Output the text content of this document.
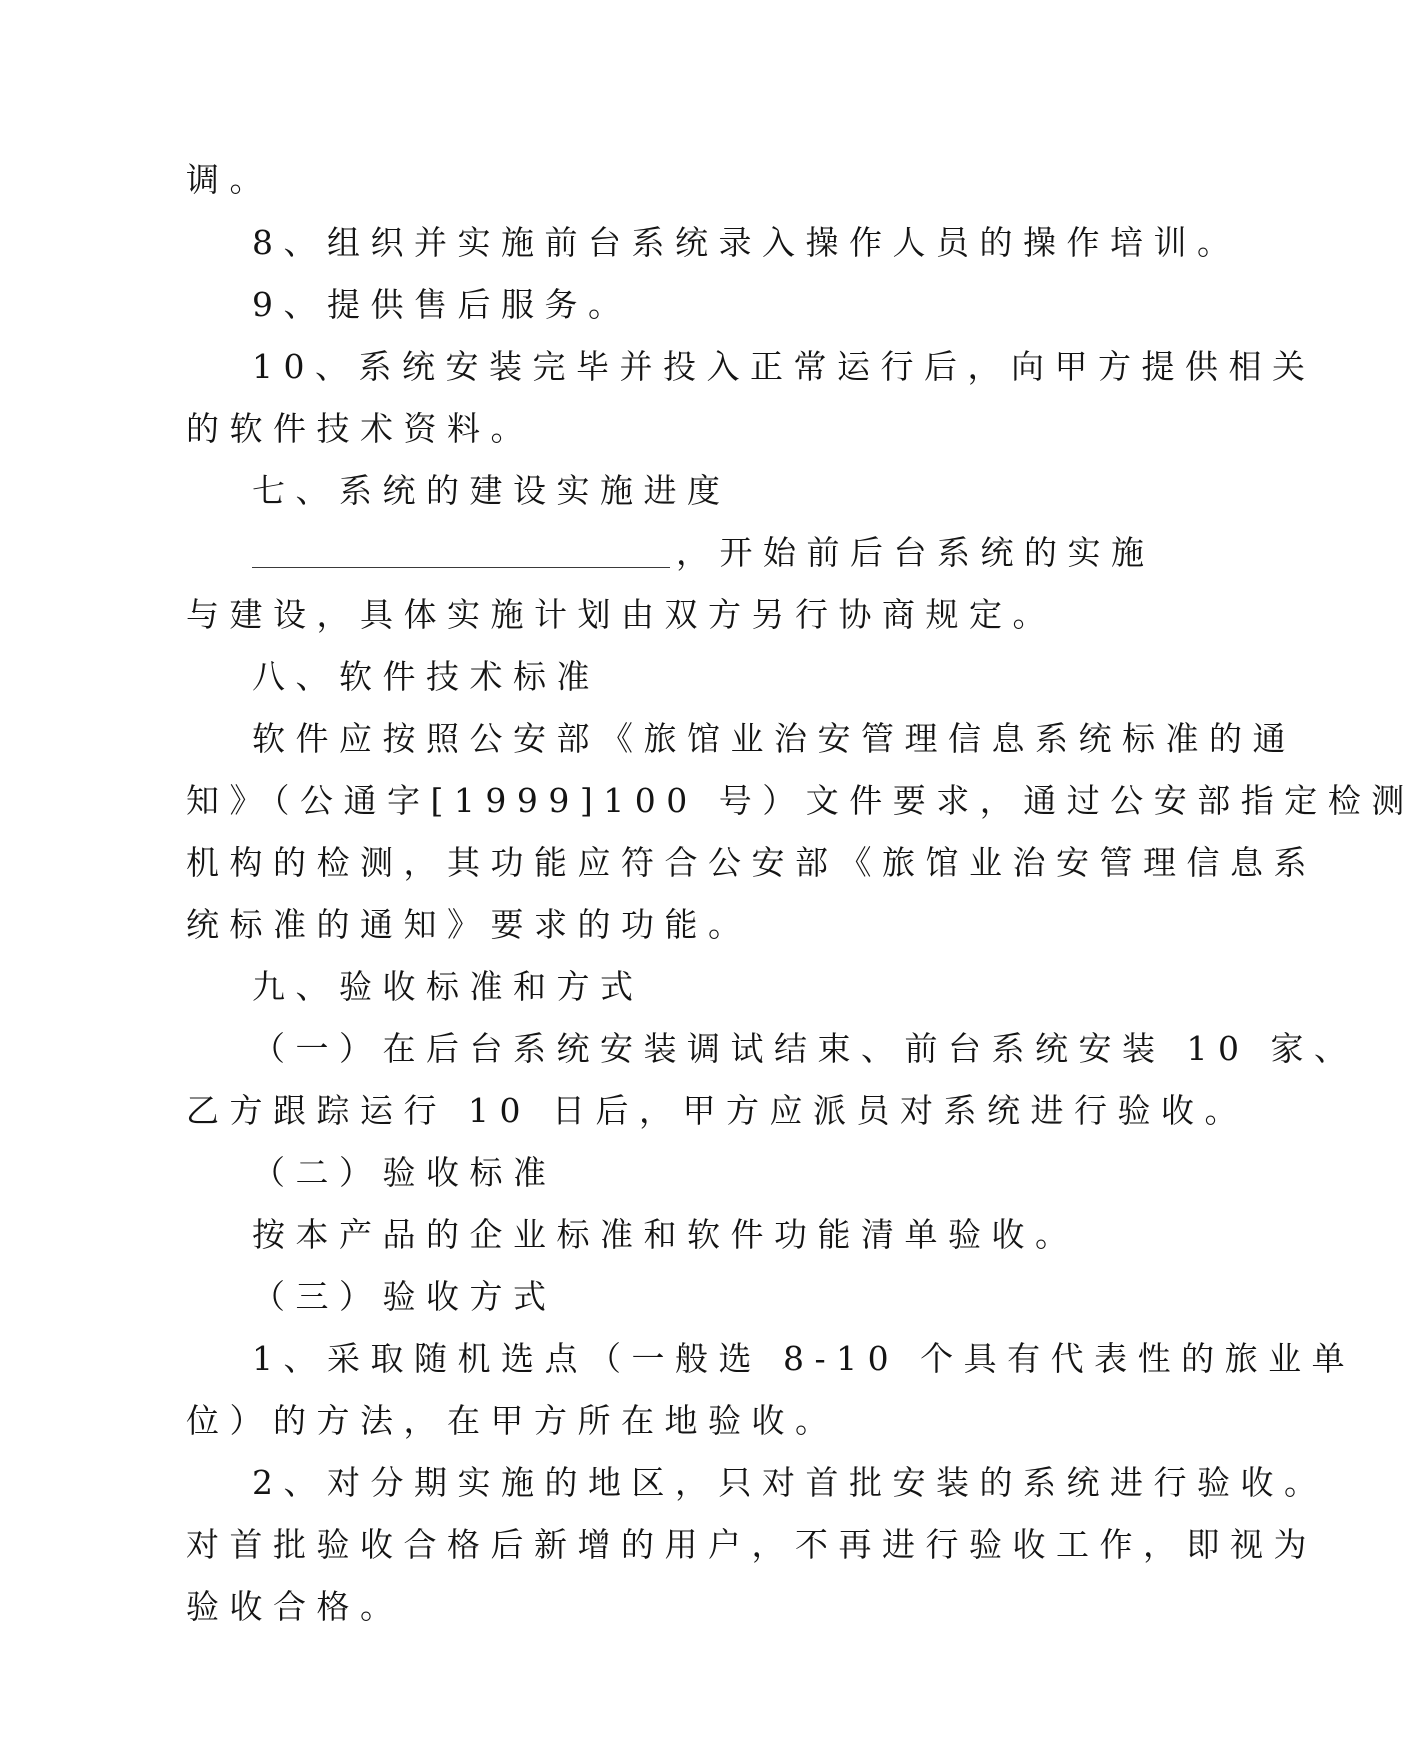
调。
8、组织并实施前台系统录入操作人员的操作培训。
9、提供售后服务。
10、系统安装完毕并投入正常运行后，向甲方提供相关
的软件技术资料。
七、系统的建设实施进度
，开始前后台系统的实施
与建设，具体实施计划由双方另行协商规定。
八、软件技术标准
软件应按照公安部《旅馆业治安管理信息系统标准的通
知》（公通字[1999]100 号）文件要求，通过公安部指定检测
机构的检测，其功能应符合公安部《旅馆业治安管理信息系
统标准的通知》要求的功能。
九、验收标准和方式
（一）在后台系统安装调试结束、前台系统安装 10 家、
乙方跟踪运行 10 日后，甲方应派员对系统进行验收。
（二）验收标准
按本产品的企业标准和软件功能清单验收。
（三）验收方式
1、采取随机选点（一般选 8-10 个具有代表性的旅业单
位）的方法，在甲方所在地验收。
2、对分期实施的地区，只对首批安装的系统进行验收。
对首批验收合格后新增的用户，不再进行验收工作，即视为
验收合格。
